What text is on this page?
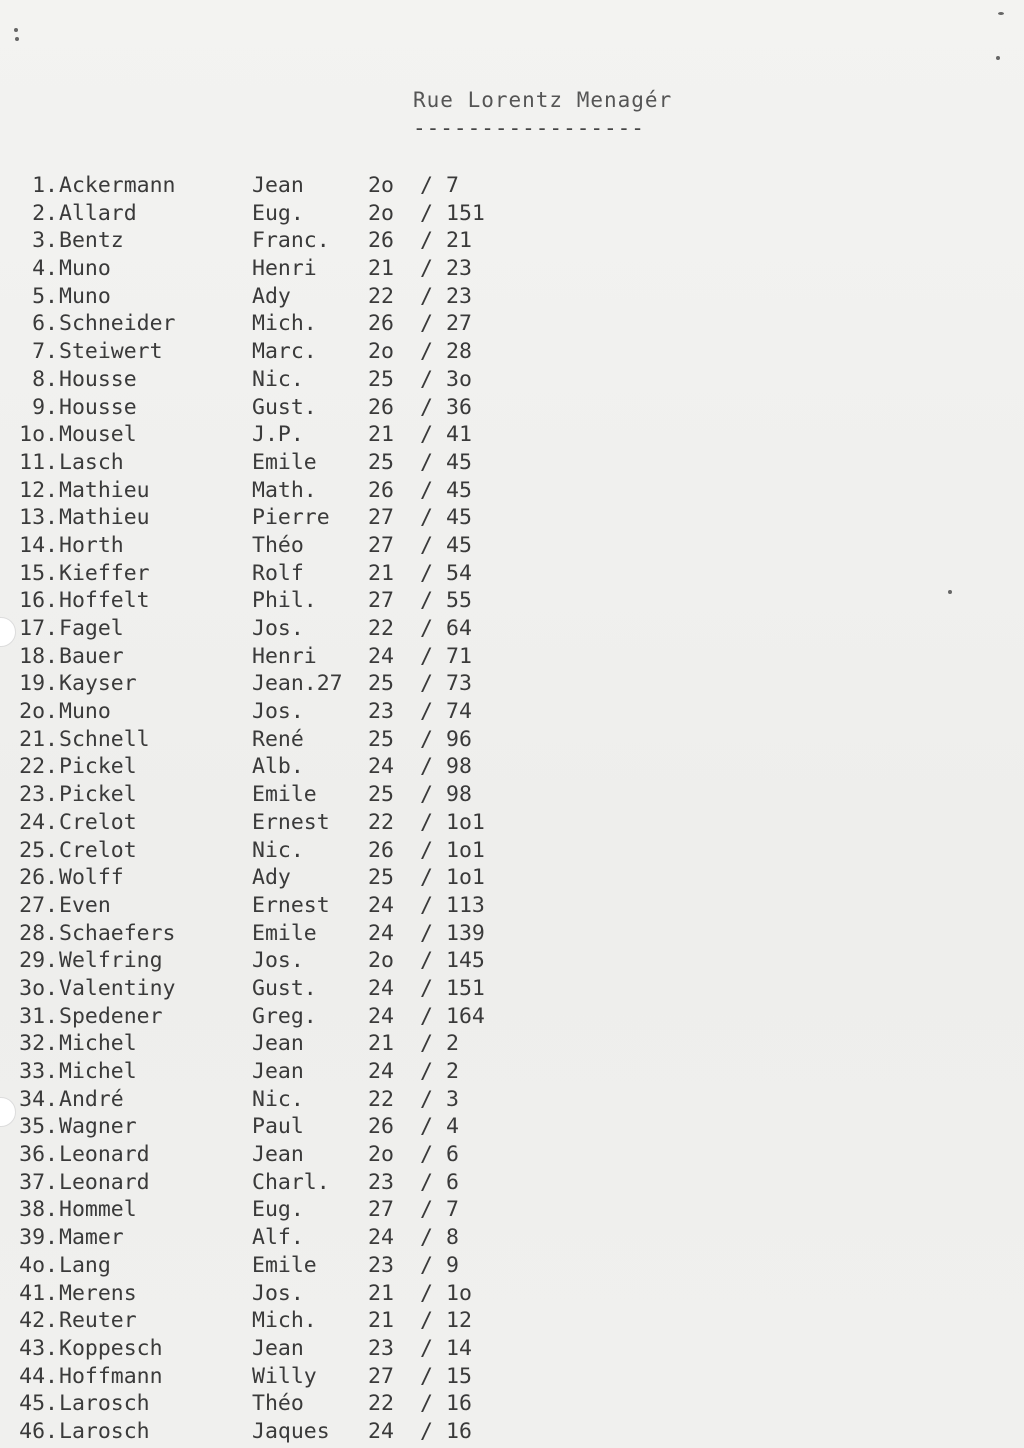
Rue Lorentz Menagér
-----------------
1. Ackermann	Jean	2o / 7
2. Allard	Eug.	2o / 151
3. Bentz	Franc. 26 / 21
4. Muno	Henri 21 / 23
5. Muno	Ady	22 / 23
6. Schneider	Mich. 26 / 27
7. Steiwert	Marc. 2o / 28
8. Housse	Nic.	25 / 3o
9. Housse	Gust. 26 / 36
1o. Mousel	J.P.	21 / 41
11. Lasch	Emile 25 / 45
12. Mathieu	Math. 26 / 45
13. Mathieu	Pierre 27 / 45
14. Horth	Théo	27 / 45
15. Kieffer	Rolf	21 / 54
16. Hoffelt	Phil. 27 / 55
17. Fagel	Jos.	22 / 64
18. Bauer	Henri 24 / 71
19. Kayser	Jean.27 25 / 73
2o. Muno	Jos.	23 / 74
21. Schnell	René	25 / 96
22. Pickel	Alb.	24 / 98
23. Pickel	Emile 25 / 98
24. Crelot	Ernest 22 / 1o1
25. Crelot	Nic.	26 / 1o1
26. Wolff	Ady	25 / 1o1
27. Even	Ernest 24 / 113
28. Schaefers	Emile 24 / 139
29. Welfring	Jos.	2o / 145
3o. Valentiny	Gust. 24 / 151
31. Spedener	Greg. 24 / 164
32. Michel	Jean	21 / 2
33. Michel	Jean	24 / 2
34. André	Nic.	22 / 3
35. Wagner	Paul	26 / 4
36. Leonard	Jean	2o / 6
37. Leonard	Charl. 23 / 6
38. Hommel	Eug.	27 / 7
39. Mamer	Alf.	24 / 8
4o. Lang	Emile 23 / 9
41. Merens	Jos.	21 / 1o
42. Reuter	Mich. 21 / 12
43. Koppesch	Jean	23 / 14
44. Hoffmann	Willy 27 / 15
45. Larosch	Théo	22 / 16
46. Larosch	Jaques 24 / 16
